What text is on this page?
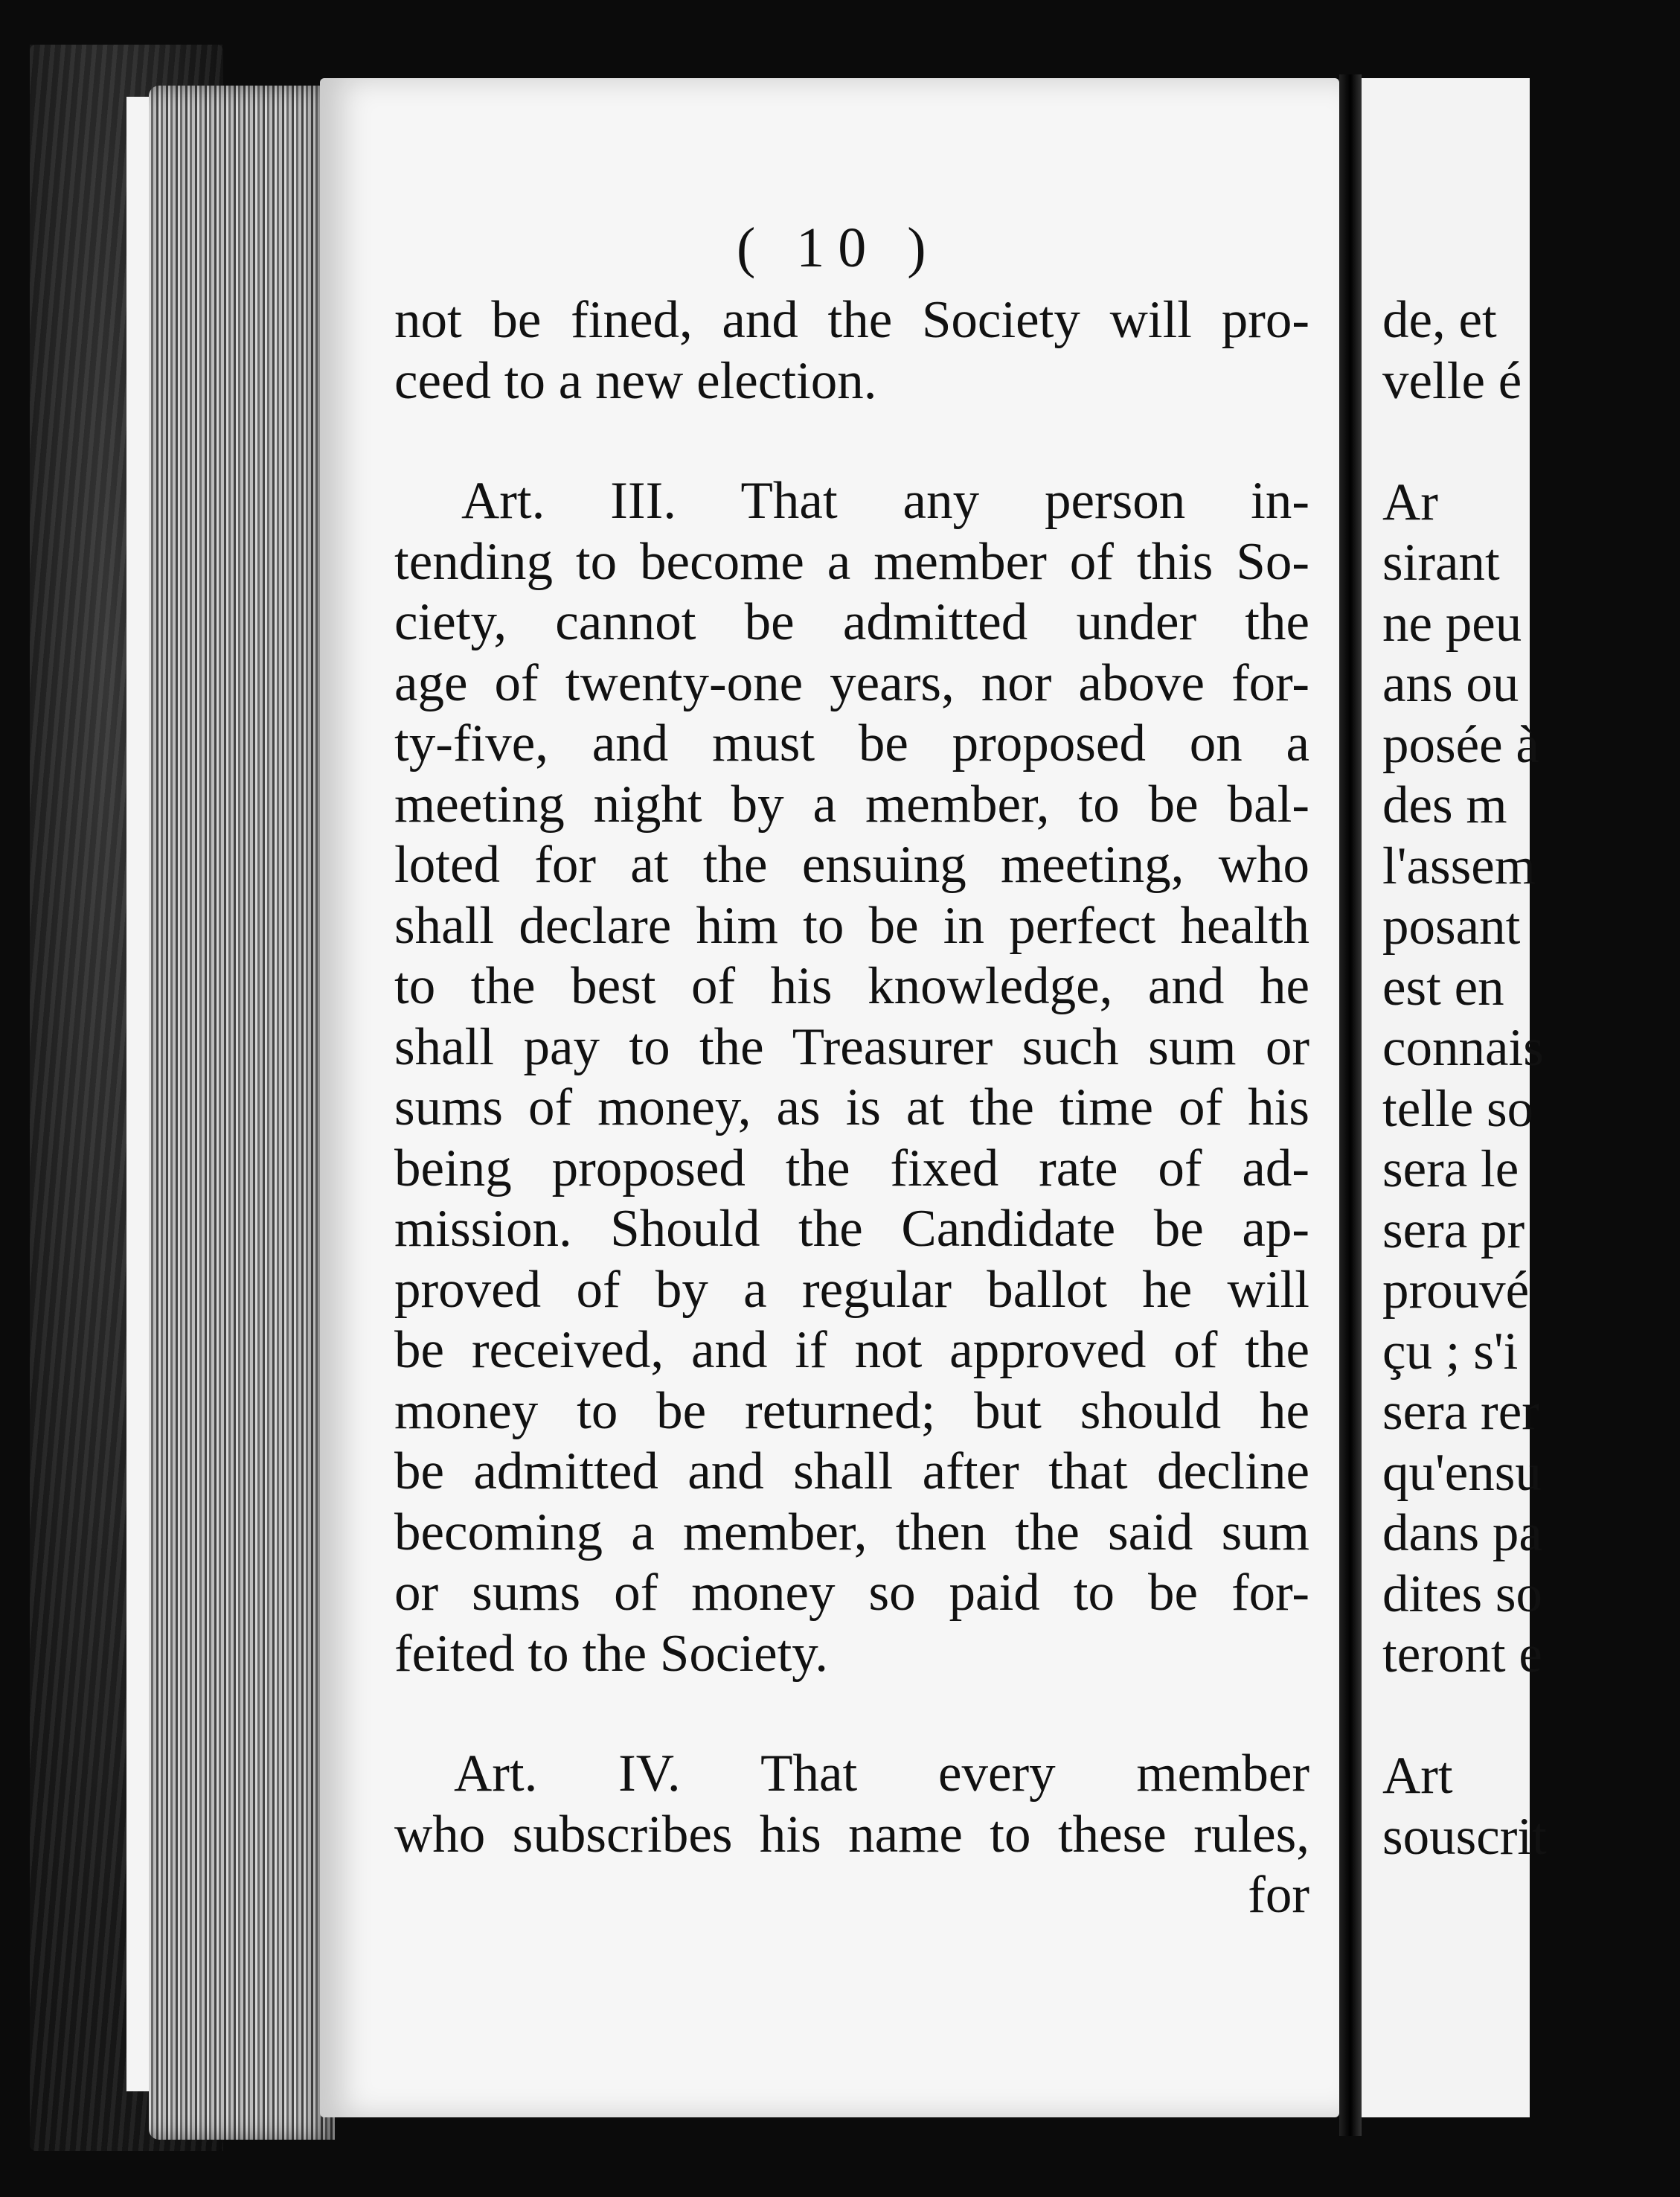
( 10 )
not be fined, and the Society will pro-
ceed to a new election.
Art. III. That any person in-
tending to become a member of this So-
ciety, cannot be admitted under the
age of twenty-one years, nor above for-
ty-five, and must be proposed on a
meeting night by a member, to be bal-
loted for at the ensuing meeting, who
shall declare him to be in perfect health
to the best of his knowledge, and he
shall pay to the Treasurer such sum or
sums of money, as is at the time of his
being proposed the fixed rate of ad-
mission. Should the Candidate be ap-
proved of by a regular ballot he will
be received, and if not approved of the
money to be returned; but should he
be admitted and shall after that decline
becoming a member, then the said sum
or sums of money so paid to be for-
feited to the Society.
Art. IV. That every member
who subscribes his name to these rules,
for
de, et
velle é
Ar
sirant
ne peu
ans ou
posée à
des m
l'assem
posant
est en
connais
telle so
sera le
sera pr
prouvé
çu ; s'i
sera rer
qu'ensu
dans pa
dites so
teront e
Art
souscrit
